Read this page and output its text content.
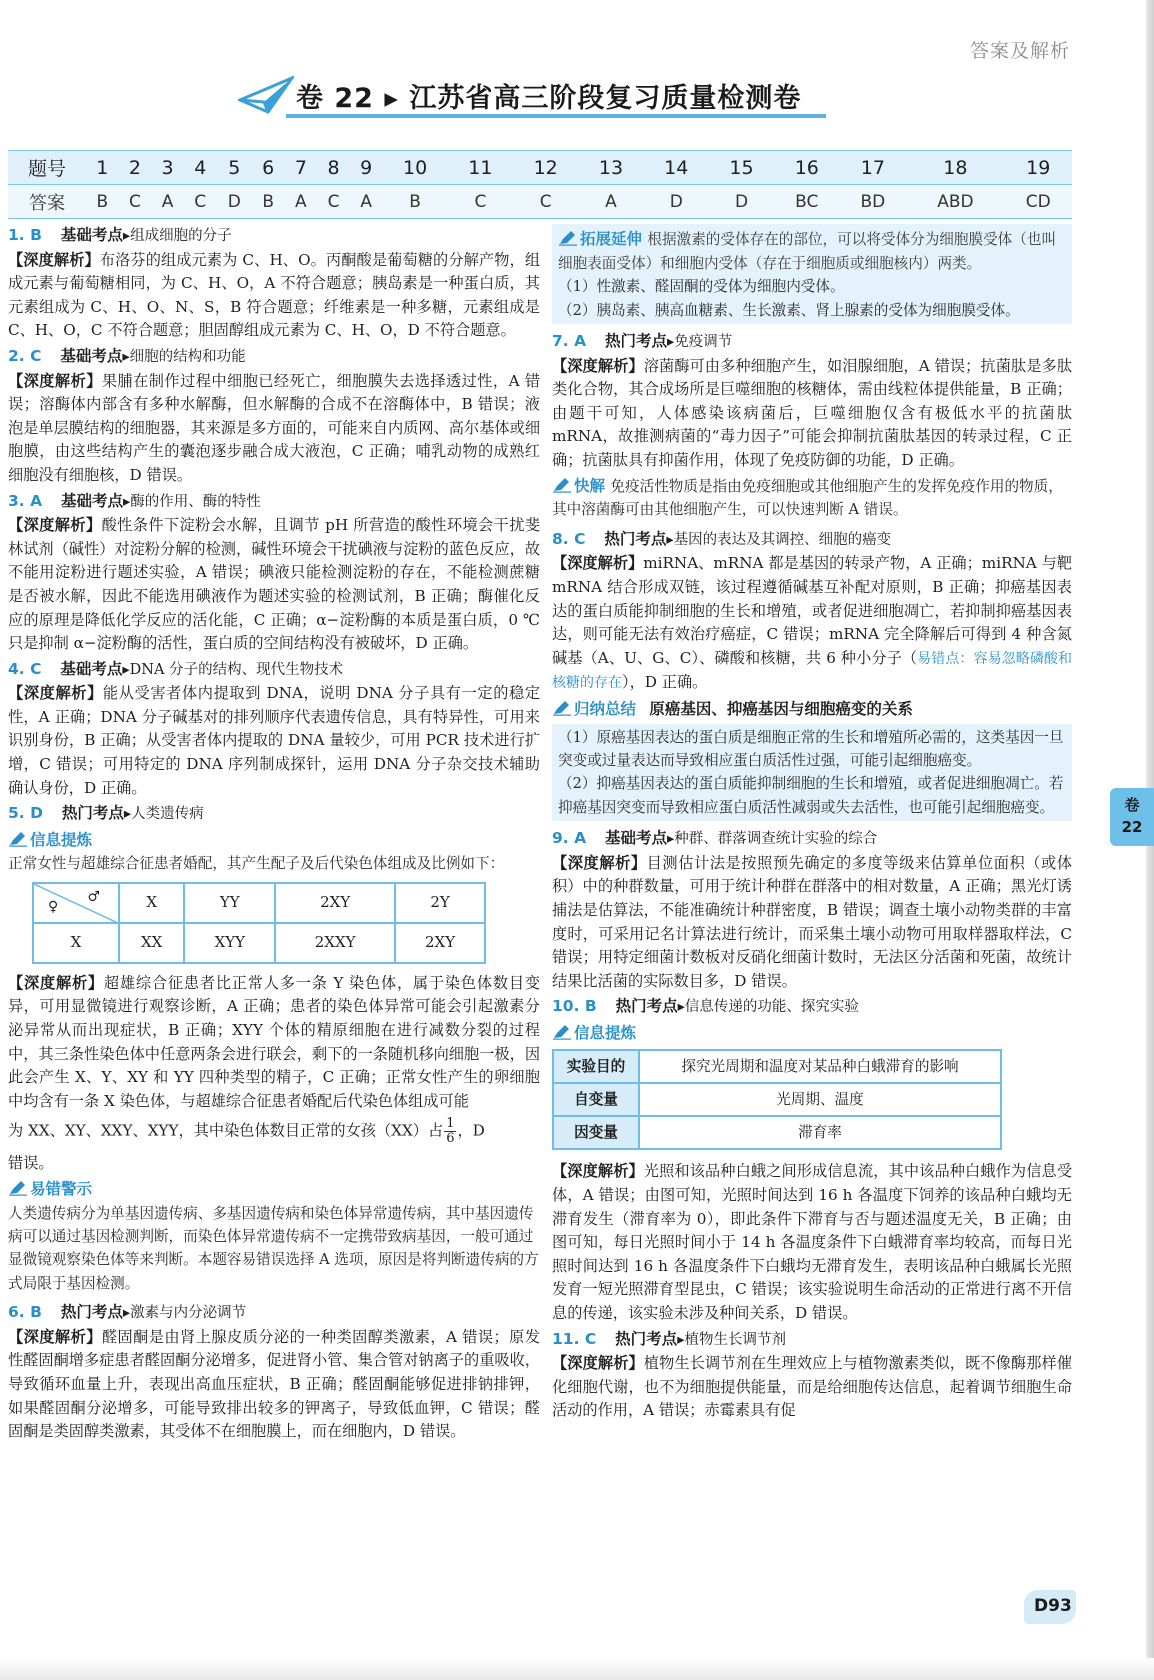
答案及解析
卷 22 ▸ 江苏省高三阶段复习质量检测卷
题号	1	2	3	4	5	6	7	8	9	10	11	12	13	14	15	16	17	18	19
答案	B	C	A	C	D	B	A	C	A	B	C	C	A	D	D	BC	BD	ABD	CD
1. B 基础考点▸组成细胞的分子
【深度解析】布洛芬的组成元素为 C、H、O。丙酮酸是葡萄糖的分解产物，组成元素与葡萄糖相同，为 C、H、O，A 不符合题意；胰岛素是一种蛋白质，其元素组成为 C、H、O、N、S，B 符合题意；纤维素是一种多糖，元素组成是 C、H、O，C 不符合题意；胆固醇组成元素为 C、H、O，D 不符合题意。
2. C 基础考点▸细胞的结构和功能
【深度解析】果脯在制作过程中细胞已经死亡，细胞膜失去选择透过性，A 错误；溶酶体内部含有多种水解酶，但水解酶的合成不在溶酶体中，B 错误；液泡是单层膜结构的细胞器，其来源是多方面的，可能来自内质网、高尔基体或细胞膜，由这些结构产生的囊泡逐步融合成大液泡，C 正确；哺乳动物的成熟红细胞没有细胞核，D 错误。
3. A 基础考点▸酶的作用、酶的特性
【深度解析】酸性条件下淀粉会水解，且调节 pH 所营造的酸性环境会干扰斐林试剂（碱性）对淀粉分解的检测，碱性环境会干扰碘液与淀粉的蓝色反应，故不能用淀粉进行题述实验，A 错误；碘液只能检测淀粉的存在，不能检测蔗糖是否被水解，因此不能选用碘液作为题述实验的检测试剂，B 正确；酶催化反应的原理是降低化学反应的活化能，C 正确；α−淀粉酶的本质是蛋白质，0 ℃ 只是抑制 α−淀粉酶的活性，蛋白质的空间结构没有被破坏，D 正确。
4. C 基础考点▸DNA 分子的结构、现代生物技术
【深度解析】能从受害者体内提取到 DNA，说明 DNA 分子具有一定的稳定性，A 正确；DNA 分子碱基对的排列顺序代表遗传信息，具有特异性，可用来识别身份，B 正确；从受害者体内提取的 DNA 量较少，可用 PCR 技术进行扩增，C 错误；可用特定的 DNA 序列制成探针，运用 DNA 分子杂交技术辅助确认身份，D 正确。
5. D 热门考点▸人类遗传病
信息提炼
正常女性与超雄综合征患者婚配，其产生配子及后代染色体组成及比例如下：
♂
♀	X	YY	2XY	2Y
X	XX	XYY	2XXY	2XY
【深度解析】超雄综合征患者比正常人多一条 Y 染色体，属于染色体数目变异，可用显微镜进行观察诊断，A 正确；患者的染色体异常可能会引起激素分泌异常从而出现症状，B 正确；XYY 个体的精原细胞在进行减数分裂的过程中，其三条性染色体中任意两条会进行联会，剩下的一条随机移向细胞一极，因此会产生 X、Y、XY 和 YY 四种类型的精子，C 正确；正常女性产生的卵细胞中均含有一条 X 染色体，与超雄综合征患者婚配后代染色体组成可能
为 XX、XY、XXY、XYY，其中染色体数目正常的女孩（XX）占 $\frac{1}{6}$ ，D
错误。
易错警示
人类遗传病分为单基因遗传病、多基因遗传病和染色体异常遗传病，其中基因遗传病可以通过基因检测判断，而染色体异常遗传病不一定携带致病基因，一般可通过显微镜观察染色体等来判断。本题容易错误选择 A 选项，原因是将判断遗传病的方式局限于基因检测。
6. B 热门考点▸激素与内分泌调节
【深度解析】醛固酮是由肾上腺皮质分泌的一种类固醇类激素，A 错误；原发性醛固酮增多症患者醛固酮分泌增多，促进肾小管、集合管对钠离子的重吸收，导致循环血量上升，表现出高血压症状，B 正确；醛固酮能够促进排钠排钾，如果醛固酮分泌增多，可能导致排出较多的钾离子，导致低血钾，C 错误；醛固酮是类固醇类激素，其受体不在细胞膜上，而在细胞内，D 错误。
拓展延伸 根据激素的受体存在的部位，可以将受体分为细胞膜受体（也叫细胞表面受体）和细胞内受体（存在于细胞质或细胞核内）两类。
（1）性激素、醛固酮的受体为细胞内受体。
（2）胰岛素、胰高血糖素、生长激素、肾上腺素的受体为细胞膜受体。
7. A 热门考点▸免疫调节
【深度解析】溶菌酶可由多种细胞产生，如泪腺细胞，A 错误；抗菌肽是多肽类化合物，其合成场所是巨噬细胞的核糖体，需由线粒体提供能量，B 正确；由题干可知，人体感染该病菌后，巨噬细胞仅含有极低水平的抗菌肽 mRNA，故推测病菌的“毒力因子”可能会抑制抗菌肽基因的转录过程，C 正确；抗菌肽具有抑菌作用，体现了免疫防御的功能，D 正确。
快解 免疫活性物质是指由免疫细胞或其他细胞产生的发挥免疫作用的物质，其中溶菌酶可由其他细胞产生，可以快速判断 A 错误。
8. C 热门考点▸基因的表达及其调控、细胞的癌变
【深度解析】miRNA、mRNA 都是基因的转录产物，A 正确；miRNA 与靶 mRNA 结合形成双链，该过程遵循碱基互补配对原则，B 正确；抑癌基因表达的蛋白质能抑制细胞的生长和增殖，或者促进细胞凋亡，若抑制抑癌基因表达，则可能无法有效治疗癌症，C 错误；mRNA 完全降解后可得到 4 种含氮碱基（A、U、G、C）、磷酸和核糖，共 6 种小分子（易错点：容易忽略磷酸和核糖的存在），D 正确。
归纳总结 原癌基因、抑癌基因与细胞癌变的关系
（1）原癌基因表达的蛋白质是细胞正常的生长和增殖所必需的，这类基因一旦突变或过量表达而导致相应蛋白质活性过强，可能引起细胞癌变。
（2）抑癌基因表达的蛋白质能抑制细胞的生长和增殖，或者促进细胞凋亡。若抑癌基因突变而导致相应蛋白质活性减弱或失去活性，也可能引起细胞癌变。
9. A 基础考点▸种群、群落调查统计实验的综合
【深度解析】目测估计法是按照预先确定的多度等级来估算单位面积（或体积）中的种群数量，可用于统计种群在群落中的相对数量，A 正确；黑光灯诱捕法是估算法，不能准确统计种群密度，B 错误；调查土壤小动物类群的丰富度时，可采用记名计算法进行统计，而采集土壤小动物可用取样器取样法，C 错误；用特定细菌计数板对反硝化细菌计数时，无法区分活菌和死菌，故统计结果比活菌的实际数目多，D 错误。
10. B 热门考点▸信息传递的功能、探究实验
信息提炼
实验目的	探究光周期和温度对某品种白蛾滞育的影响
自变量	光周期、温度
因变量	滞育率
【深度解析】光照和该品种白蛾之间形成信息流，其中该品种白蛾作为信息受体，A 错误；由图可知，光照时间达到 16 h 各温度下饲养的该品种白蛾均无滞育发生（滞育率为 0），即此条件下滞育与否与题述温度无关，B 正确；由图可知，每日光照时间小于 14 h 各温度条件下白蛾滞育率均较高，而每日光照时间达到 16 h 各温度条件下白蛾均无滞育发生，表明该品种白蛾属长光照发育一短光照滞育型昆虫，C 错误；该实验说明生命活动的正常进行离不开信息的传递，该实验未涉及种间关系，D 错误。
11. C 热门考点▸植物生长调节剂
【深度解析】植物生长调节剂在生理效应上与植物激素类似，既不像酶那样催化细胞代谢，也不为细胞提供能量，而是给细胞传达信息，起着调节细胞生命活动的作用，A 错误；赤霉素具有促
卷
22
D93
